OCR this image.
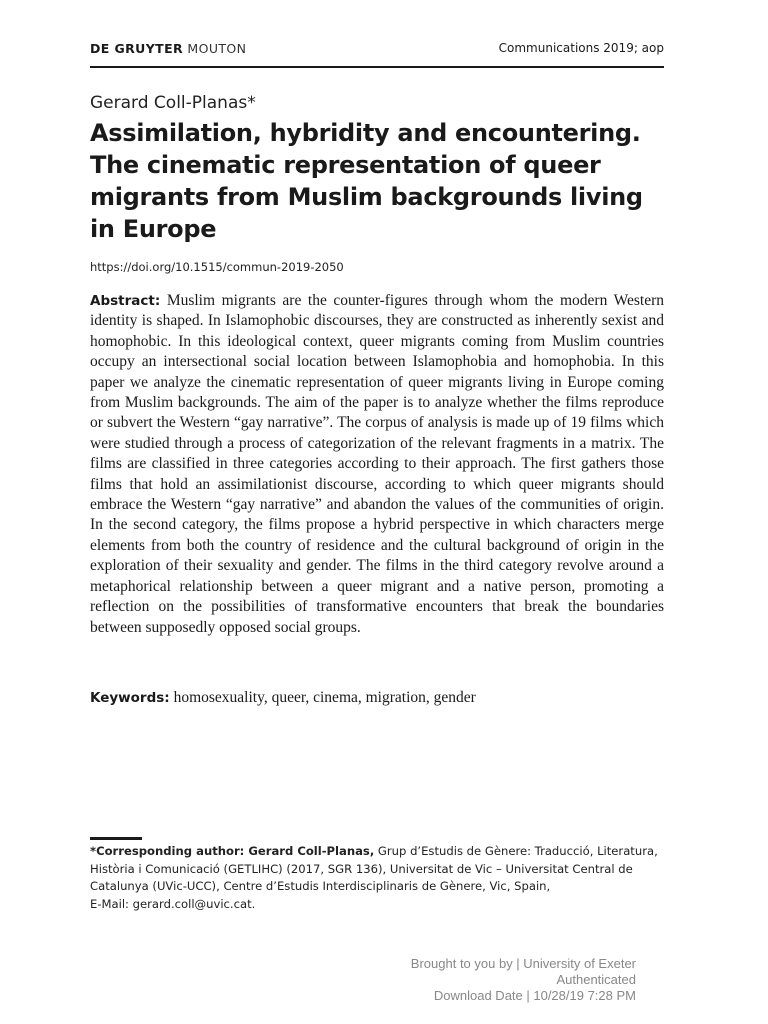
DE GRUYTER MOUTON	Communications 2019; aop
Gerard Coll-Planas*
Assimilation, hybridity and encountering. The cinematic representation of queer migrants from Muslim backgrounds living in Europe
https://doi.org/10.1515/commun-2019-2050

Abstract: Muslim migrants are the counter-figures through whom the modern Western identity is shaped. In Islamophobic discourses, they are constructed as inherently sexist and homophobic. In this ideological context, queer migrants coming from Muslim countries occupy an intersectional social location between Islamophobia and homophobia. In this paper we analyze the cinematic representation of queer migrants living in Europe coming from Muslim backgrounds. The aim of the paper is to analyze whether the films reproduce or subvert the Western “gay narrative”. The corpus of analysis is made up of 19 films which were studied through a process of categorization of the relevant fragments in a matrix. The films are classified in three categories according to their approach. The first gathers those films that hold an assimilationist discourse, according to which queer migrants should embrace the Western “gay narrative” and abandon the values of the communities of origin. In the second category, the films propose a hybrid perspective in which characters merge elements from both the country of residence and the cultural background of origin in the exploration of their sexuality and gender. The films in the third category revolve around a metaphorical relationship between a queer migrant and a native person, promoting a reflection on the possibilities of transformative encounters that break the boundaries between supposedly opposed social groups.

Keywords: homosexuality, queer, cinema, migration, gender
*Corresponding author: Gerard Coll-Planas, Grup d’Estudis de Gènere: Traducció, Literatura, Història i Comunicació (GETLIHC) (2017, SGR 136), Universitat de Vic – Universitat Central de Catalunya (UVic-UCC), Centre d’Estudis Interdisciplinaris de Gènere, Vic, Spain,
E-Mail: gerard.coll@uvic.cat.
Brought to you by | University of Exeter
Authenticated
Download Date | 10/28/19 7:28 PM
